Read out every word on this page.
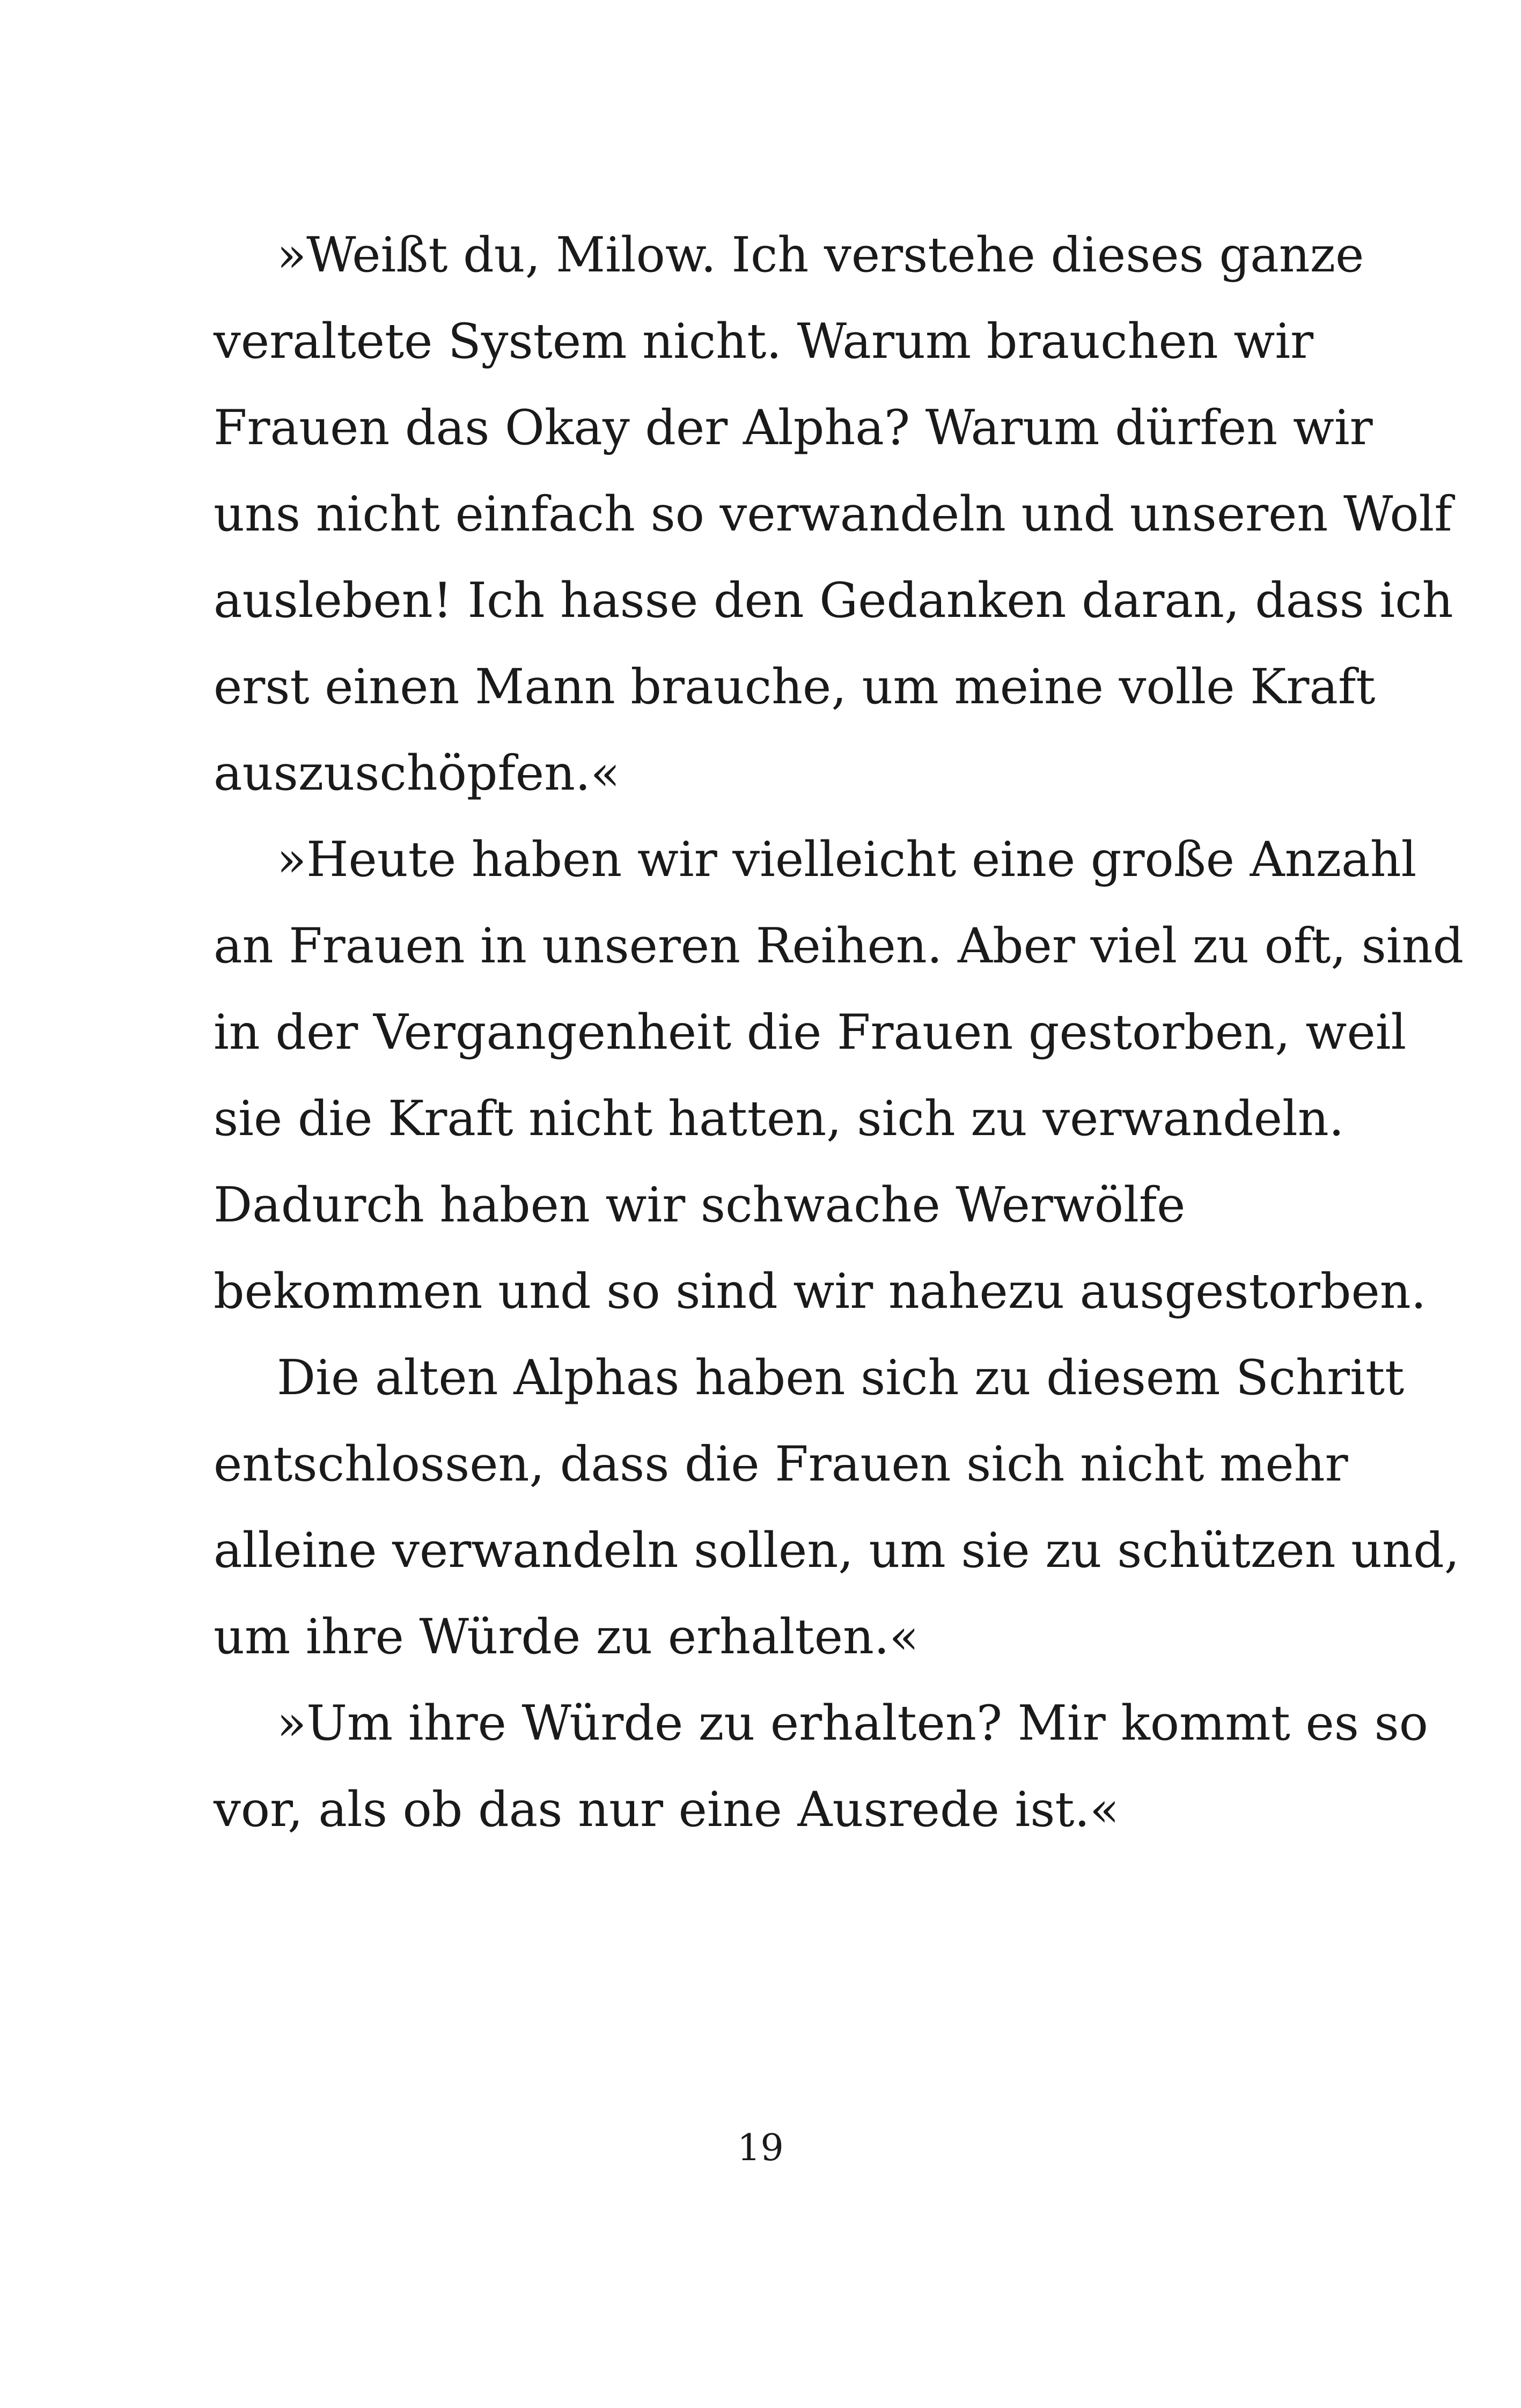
»Weißt du, Milow. Ich verstehe dieses ganze
veraltete System nicht. Warum brauchen wir
Frauen das Okay der Alpha? Warum dürfen wir
uns nicht einfach so verwandeln und unseren Wolf
ausleben! Ich hasse den Gedanken daran, dass ich
erst einen Mann brauche, um meine volle Kraft
auszuschöpfen.«
»Heute haben wir vielleicht eine große Anzahl
an Frauen in unseren Reihen. Aber viel zu oft, sind
in der Vergangenheit die Frauen gestorben, weil
sie die Kraft nicht hatten, sich zu verwandeln.
Dadurch haben wir schwache Werwölfe
bekommen und so sind wir nahezu ausgestorben.
Die alten Alphas haben sich zu diesem Schritt
entschlossen, dass die Frauen sich nicht mehr
alleine verwandeln sollen, um sie zu schützen und,
um ihre Würde zu erhalten.«
»Um ihre Würde zu erhalten? Mir kommt es so
vor, als ob das nur eine Ausrede ist.«
19
